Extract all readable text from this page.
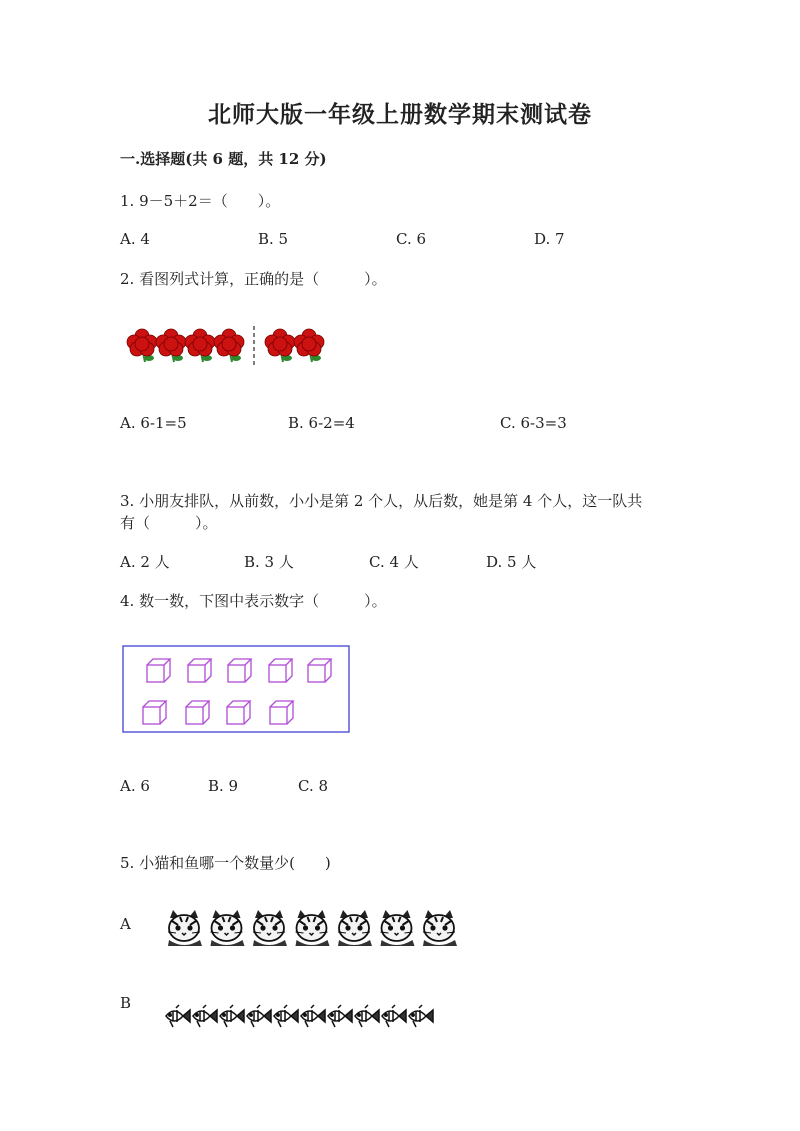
北师大版一年级上册数学期末测试卷
一.选择题(共 6 题，共 12 分)
1. 9－5＋2＝（　　）。
A. 4	B. 5	C. 6	D. 7
2. 看图列式计算，正确的是（　　　）。
A. 6-1=5	B. 6-2=4	C. 6-3=3
3. 小朋友排队，从前数，小小是第 2 个人，从后数，她是第 4 个人，这一队共
有（　　　）。
A. 2 人	B. 3 人	C. 4 人	D. 5 人
4. 数一数，下图中表示数字（　　　）。
A. 6	B. 9	C. 8
5. 小猫和鱼哪一个数量少(　　)
A
B
